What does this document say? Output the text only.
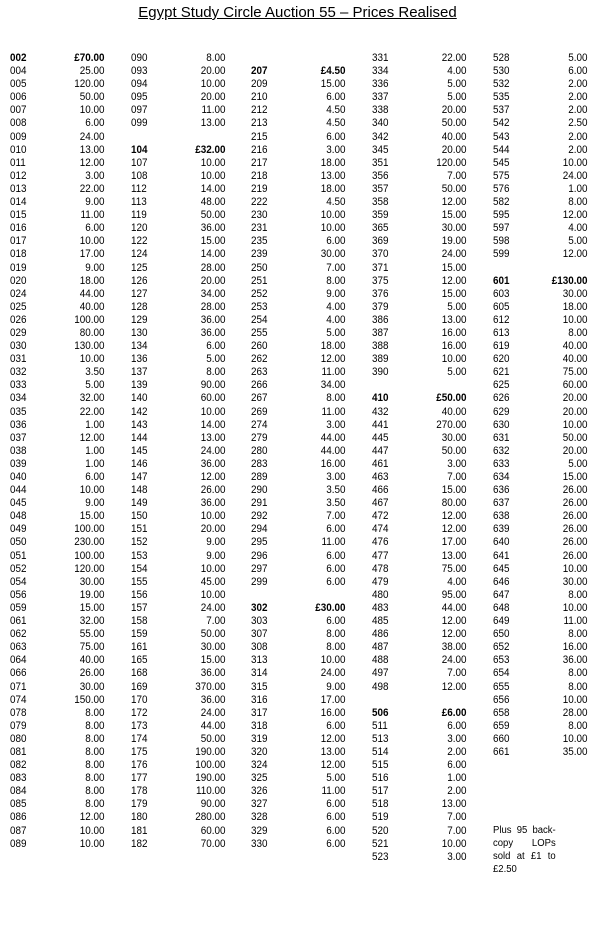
Egypt Study Circle Auction 55 – Prices Realised
002	£70.00
004	25.00
005	120.00
006	50.00
007	10.00
008	6.00
009	24.00
010	13.00
011	12.00
012	3.00
013	22.00
014	9.00
015	11.00
016	6.00
017	10.00
018	17.00
019	9.00
020	18.00
024	44.00
025	40.00
026	100.00
029	80.00
030	130.00
031	10.00
032	3.50
033	5.00
034	32.00
035	22.00
036	1.00
037	12.00
038	1.00
039	1.00
040	6.00
044	10.00
045	9.00
048	15.00
049	100.00
050	230.00
051	100.00
052	120.00
054	30.00
056	19.00
059	15.00
061	32.00
062	55.00
063	75.00
064	40.00
066	26.00
071	30.00
074	150.00
078	8.00
079	8.00
080	8.00
081	8.00
082	8.00
083	8.00
084	8.00
085	8.00
086	12.00
087	10.00
089	10.00
090	8.00
093	20.00
094	10.00
095	20.00
097	11.00
099	13.00
104	£32.00
107	10.00
108	10.00
112	14.00
113	48.00
119	50.00
120	36.00
122	15.00
124	14.00
125	28.00
126	20.00
127	34.00
128	28.00
129	36.00
130	36.00
134	6.00
136	5.00
137	8.00
139	90.00
140	60.00
142	10.00
143	14.00
144	13.00
145	24.00
146	36.00
147	12.00
148	26.00
149	36.00
150	10.00
151	20.00
152	9.00
153	9.00
154	10.00
155	45.00
156	10.00
157	24.00
158	7.00
159	50.00
161	30.00
165	15.00
168	36.00
169	370.00
170	36.00
172	24.00
173	44.00
174	50.00
175	190.00
176	100.00
177	190.00
178	110.00
179	90.00
180	280.00
181	60.00
182	70.00
207	£4.50
209	15.00
210	6.00
212	4.50
213	4.50
215	6.00
216	3.00
217	18.00
218	13.00
219	18.00
222	4.50
230	10.00
231	10.00
235	6.00
239	30.00
250	7.00
251	8.00
252	9.00
253	4.00
254	4.00
255	5.00
260	18.00
262	12.00
263	11.00
266	34.00
267	8.00
269	11.00
274	3.00
279	44.00
280	44.00
283	16.00
289	3.00
290	3.50
291	3.50
292	7.00
294	6.00
295	11.00
296	6.00
297	6.00
299	6.00
302	£30.00
303	6.00
307	8.00
308	8.00
313	10.00
314	24.00
315	9.00
316	17.00
317	16.00
318	6.00
319	12.00
320	13.00
324	12.00
325	5.00
326	11.00
327	6.00
328	6.00
329	6.00
330	6.00
331	22.00
334	4.00
336	5.00
337	5.00
338	20.00
340	50.00
342	40.00
345	20.00
351	120.00
356	7.00
357	50.00
358	12.00
359	15.00
365	30.00
369	19.00
370	24.00
371	15.00
375	12.00
376	15.00
379	5.00
386	13.00
387	16.00
388	16.00
389	10.00
390	5.00
410	£50.00
432	40.00
441	270.00
445	30.00
447	50.00
461	3.00
463	7.00
466	15.00
467	80.00
472	12.00
474	12.00
476	17.00
477	13.00
478	75.00
479	4.00
480	95.00
483	44.00
485	12.00
486	12.00
487	38.00
488	24.00
497	7.00
498	12.00
506	£6.00
511	6.00
513	3.00
514	2.00
515	6.00
516	1.00
517	2.00
518	13.00
519	7.00
520	7.00
521	10.00
523	3.00
528	5.00
530	6.00
532	2.00
535	2.00
537	2.00
542	2.50
543	2.00
544	2.00
545	10.00
575	24.00
576	1.00
582	8.00
595	12.00
597	4.00
598	5.00
599	12.00
601	£130.00
603	30.00
605	18.00
612	10.00
613	8.00
619	40.00
620	40.00
621	75.00
625	60.00
626	20.00
629	20.00
630	10.00
631	50.00
632	20.00
633	5.00
634	15.00
636	26.00
637	26.00
638	26.00
639	26.00
640	26.00
641	26.00
645	10.00
646	30.00
647	8.00
648	10.00
649	11.00
650	8.00
652	16.00
653	36.00
654	8.00
655	8.00
656	10.00
658	28.00
659	8.00
660	10.00
661	35.00
Plus 95 back-copy LOPs sold at £1 to £2.50
